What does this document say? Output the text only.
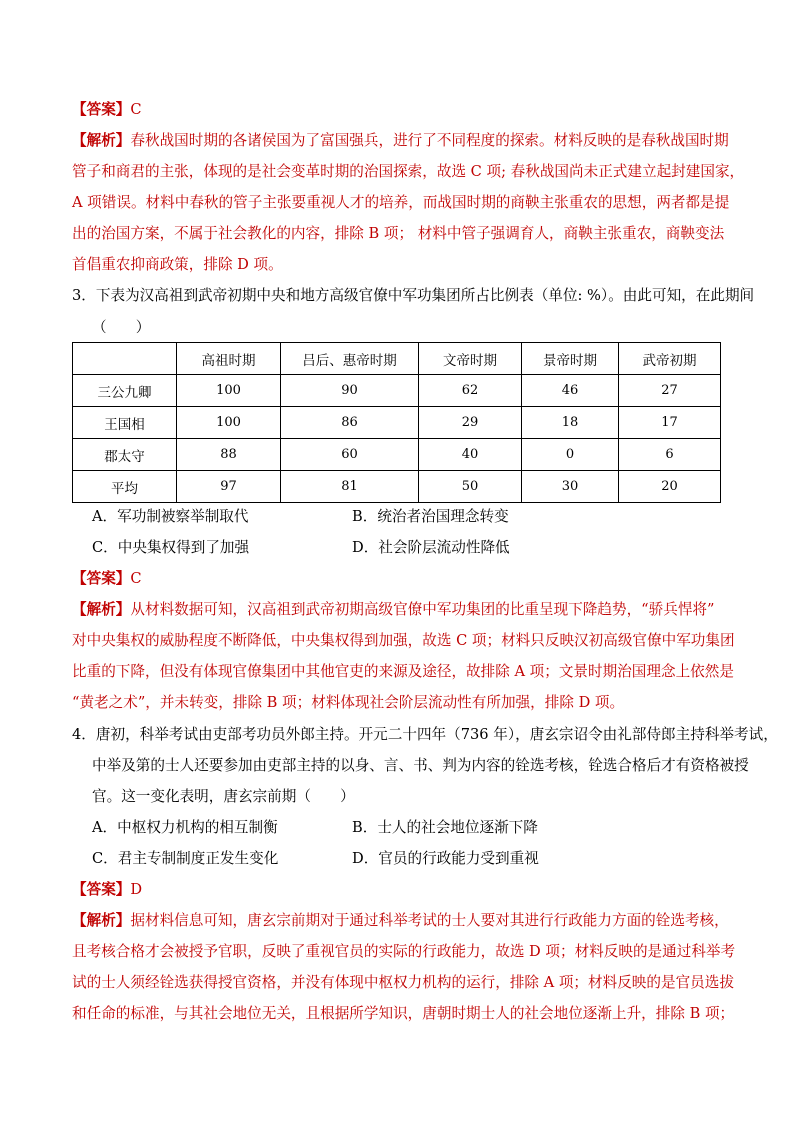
【答案】C
【解析】春秋战国时期的各诸侯国为了富国强兵，进行了不同程度的探索。材料反映的是春秋战国时期
管子和商君的主张，体现的是社会变革时期的治国探索，故选 C 项; 春秋战国尚未正式建立起封建国家，
A 项错误。材料中春秋的管子主张要重视人才的培养，而战国时期的商鞅主张重农的思想，两者都是提
出的治国方案，不属于社会教化的内容，排除 B 项； 材料中管子强调育人，商鞅主张重农，商鞅变法
首倡重农抑商政策，排除 D 项。
3．下表为汉高祖到武帝初期中央和地方高级官僚中军功集团所占比例表（单位: %）。由此可知，在此期间
（　　）
	高祖时期	吕后、惠帝时期	文帝时期	景帝时期	武帝初期
三公九卿	100	90	62	46	27
王国相	100	86	29	18	17
郡太守	88	60	40	0	6
平均	97	81	50	30	20
A．军功制被察举制取代	B．统治者治国理念转变
C．中央集权得到了加强	D．社会阶层流动性降低
【答案】C
【解析】从材料数据可知，汉高祖到武帝初期高级官僚中军功集团的比重呈现下降趋势，“骄兵悍将”
对中央集权的威胁程度不断降低，中央集权得到加强，故选 C 项；材料只反映汉初高级官僚中军功集团
比重的下降，但没有体现官僚集团中其他官吏的来源及途径，故排除 A 项；文景时期治国理念上依然是
“黄老之术”，并未转变，排除 B 项；材料体现社会阶层流动性有所加强，排除 D 项。
4．唐初，科举考试由吏部考功员外郎主持。开元二十四年（736 年），唐玄宗诏令由礼部侍郎主持科举考试，
中举及第的士人还要参加由吏部主持的以身、言、书、判为内容的铨选考核，铨选合格后才有资格被授
官。这一变化表明，唐玄宗前期（　　）
A．中枢权力机构的相互制衡	B．士人的社会地位逐渐下降
C．君主专制制度正发生变化	D．官员的行政能力受到重视
【答案】D
【解析】据材料信息可知，唐玄宗前期对于通过科举考试的士人要对其进行行政能力方面的铨选考核，
且考核合格才会被授予官职，反映了重视官员的实际的行政能力，故选 D 项；材料反映的是通过科举考
试的士人须经铨选获得授官资格，并没有体现中枢权力机构的运行，排除 A 项；材料反映的是官员选拔
和任命的标准，与其社会地位无关，且根据所学知识，唐朝时期士人的社会地位逐渐上升，排除 B 项；
